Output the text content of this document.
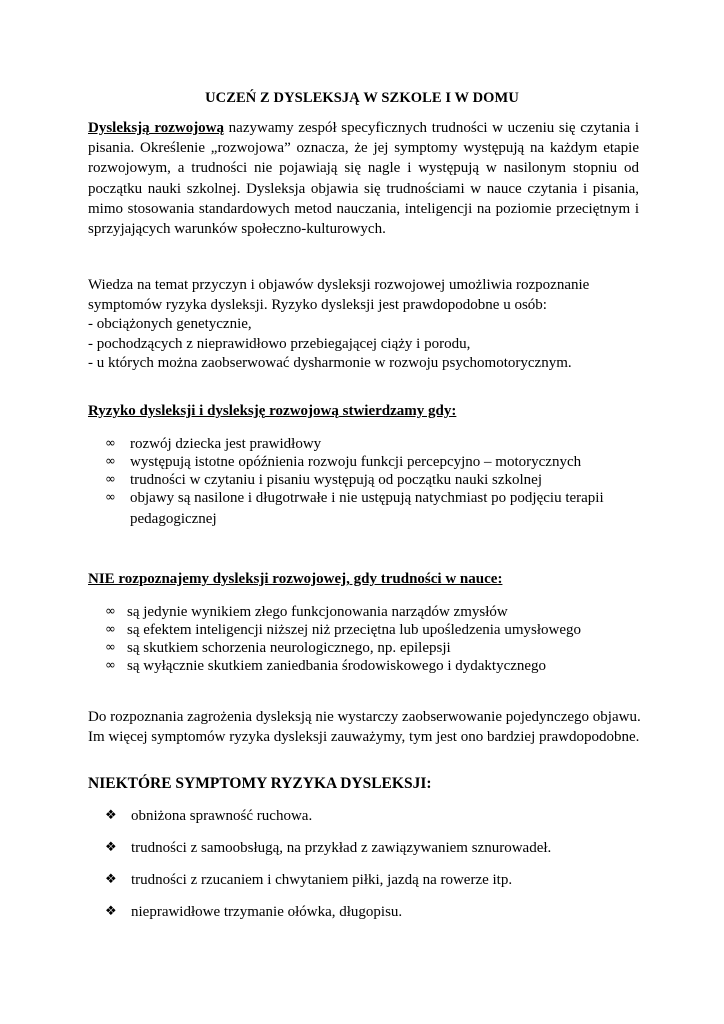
UCZEŃ Z DYSLEKSJĄ W SZKOLE I W DOMU
Dysleksją rozwojową nazywamy zespół specyficznych trudności w uczeniu się czytania i pisania. Określenie „rozwojowa” oznacza, że jej symptomy występują na każdym etapie rozwojowym, a trudności nie pojawiają się nagle i występują w nasilonym stopniu od początku nauki szkolnej. Dysleksja objawia się trudnościami w nauce czytania i pisania, mimo stosowania standardowych metod nauczania, inteligencji na poziomie przeciętnym i sprzyjających warunków społeczno-kulturowych.
Wiedza na temat przyczyn i objawów dysleksji rozwojowej umożliwia rozpoznanie
symptomów ryzyka dysleksji. Ryzyko dysleksji jest prawdopodobne u osób:
- obciążonych genetycznie,
- pochodzących z nieprawidłowo przebiegającej ciąży i porodu,
- u których można zaobserwować dysharmonie w rozwoju psychomotorycznym.
Ryzyko dysleksji i dysleksję rozwojową stwierdzamy gdy:
∞ rozwój dziecka jest prawidłowy
∞ występują istotne opóźnienia rozwoju funkcji percepcyjno – motorycznych
∞ trudności w czytaniu i pisaniu występują od początku nauki szkolnej
∞ objawy są nasilone i długotrwałe i nie ustępują natychmiast po podjęciu terapii
pedagogicznej
NIE rozpoznajemy dysleksji rozwojowej, gdy trudności w nauce:
∞ są jedynie wynikiem złego funkcjonowania narządów zmysłów
∞ są efektem inteligencji niższej niż przeciętna lub upośledzenia umysłowego
∞ są skutkiem schorzenia neurologicznego, np. epilepsji
∞ są wyłącznie skutkiem zaniedbania środowiskowego i dydaktycznego
Do rozpoznania zagrożenia dysleksją nie wystarczy zaobserwowanie pojedynczego objawu.
Im więcej symptomów ryzyka dysleksji zauważymy, tym jest ono bardziej prawdopodobne.
NIEKTÓRE SYMPTOMY RYZYKA DYSLEKSJI:
❖ obniżona sprawność ruchowa.
❖ trudności z samoobsługą, na przykład z zawiązywaniem sznurowadeł.
❖ trudności z rzucaniem i chwytaniem piłki, jazdą na rowerze itp.
❖ nieprawidłowe trzymanie ołówka, długopisu.
